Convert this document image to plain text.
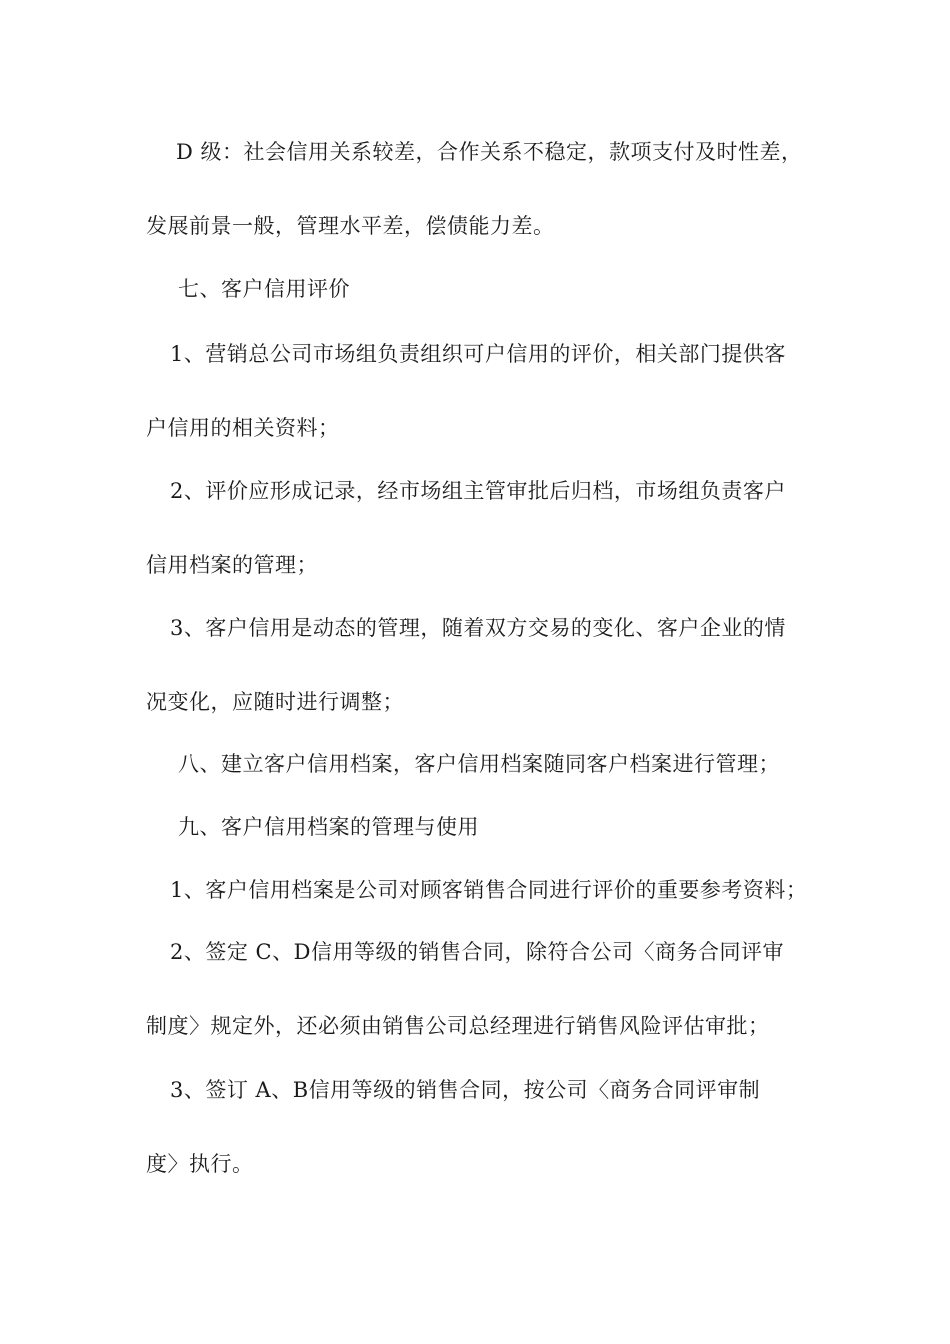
D 级：社会信用关系较差，合作关系不稳定，款项支付及时性差，
发展前景一般，管理水平差，偿债能力差。
七、客户信用评价
1、营销总公司市场组负责组织可户信用的评价，相关部门提供客
户信用的相关资料；
2、评价应形成记录，经市场组主管审批后归档，市场组负责客户
信用档案的管理；
3、客户信用是动态的管理，随着双方交易的变化、客户企业的情
况变化，应随时进行调整；
八、建立客户信用档案，客户信用档案随同客户档案进行管理；
九、客户信用档案的管理与使用
1、客户信用档案是公司对顾客销售合同进行评价的重要参考资料；
2、签定 C、D信用等级的销售合同，除符合公司〈商务合同评审
制度〉规定外，还必须由销售公司总经理进行销售风险评估审批；
3、签订 A、B信用等级的销售合同，按公司〈商务合同评审制
度〉执行。
